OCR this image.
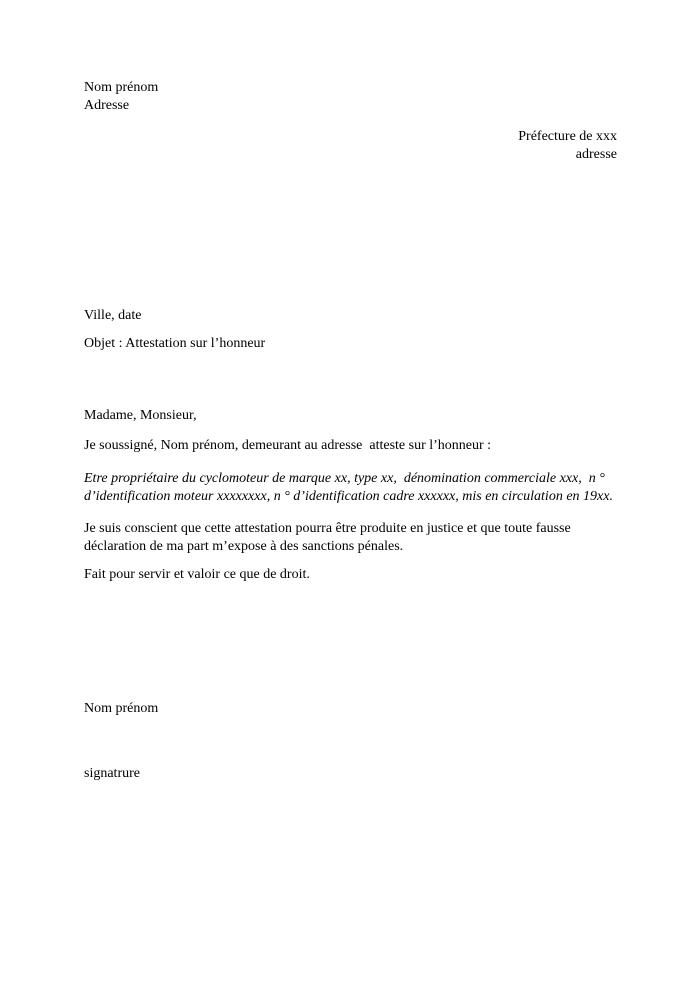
Nom prénom
Adresse
Préfecture de xxx
adresse
Ville, date
Objet : Attestation sur l’honneur
Madame, Monsieur,
Je soussigné, Nom prénom, demeurant au adresse  atteste sur l’honneur :
Etre propriétaire du cyclomoteur de marque xx, type xx,  dénomination commerciale xxx,  n °
d’identification moteur xxxxxxxx, n ° d’identification cadre xxxxxx, mis en circulation en 19xx.
Je suis conscient que cette attestation pourra être produite en justice et que toute fausse
déclaration de ma part m’expose à des sanctions pénales.
Fait pour servir et valoir ce que de droit.
Nom prénom
signatrure
